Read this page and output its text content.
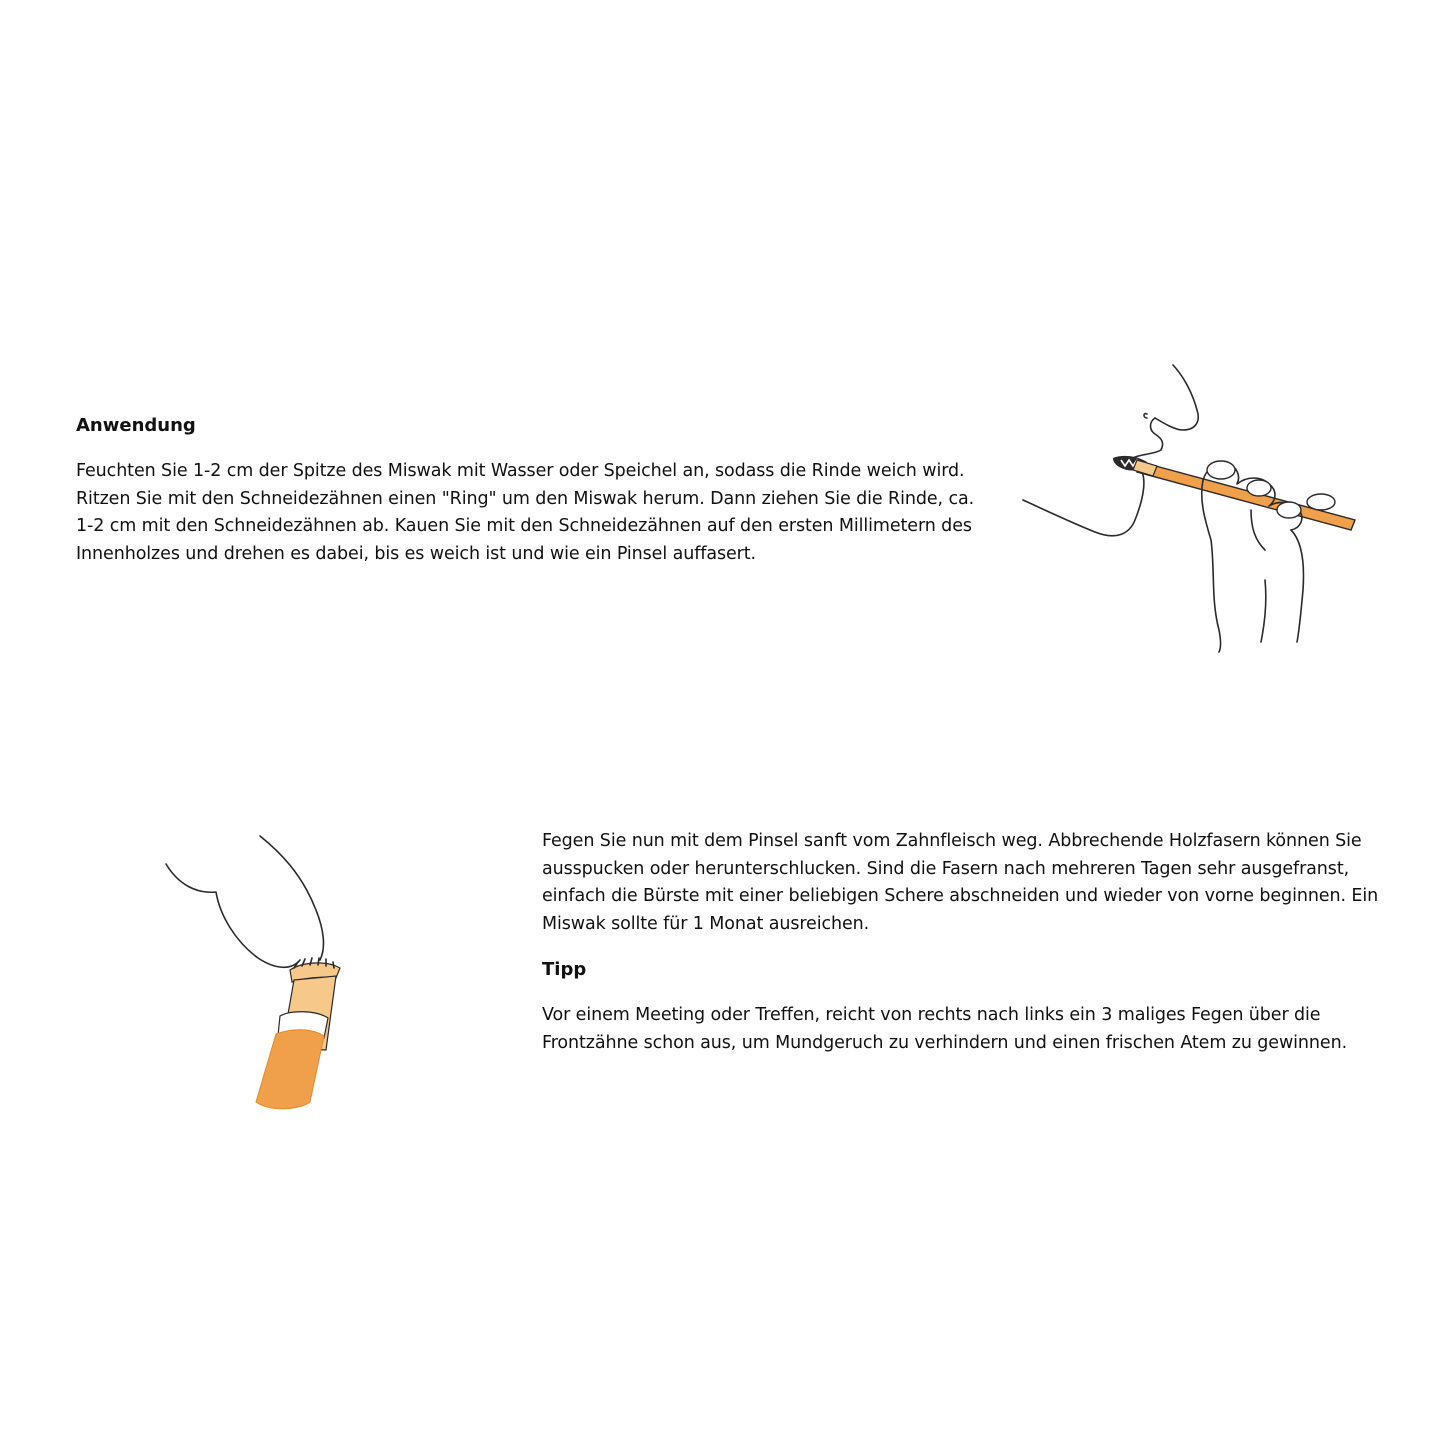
Anwendung

Feuchten Sie 1-2 cm der Spitze des Miswak mit Wasser oder Speichel an, sodass die Rinde weich wird. Ritzen Sie mit den Schneidezähnen einen "Ring" um den Miswak herum. Dann ziehen Sie die Rinde, ca. 1-2 cm mit den Schneidezähnen ab. Kauen Sie mit den Schneidezähnen auf den ersten Millimetern des Innenholzes und drehen es dabei, bis es weich ist und wie ein Pinsel auffasert.

Fegen Sie nun mit dem Pinsel sanft vom Zahnfleisch weg. Abbrechende Holzfasern können Sie ausspucken oder herunterschlucken. Sind die Fasern nach mehreren Tagen sehr ausgefranst, einfach die Bürste mit einer beliebigen Schere abschneiden und wieder von vorne beginnen. Ein Miswak sollte für 1 Monat ausreichen.

Tipp

Vor einem Meeting oder Treffen, reicht von rechts nach links ein 3 maliges Fegen über die Frontzähne schon aus, um Mundgeruch zu verhindern und einen frischen Atem zu gewinnen.
